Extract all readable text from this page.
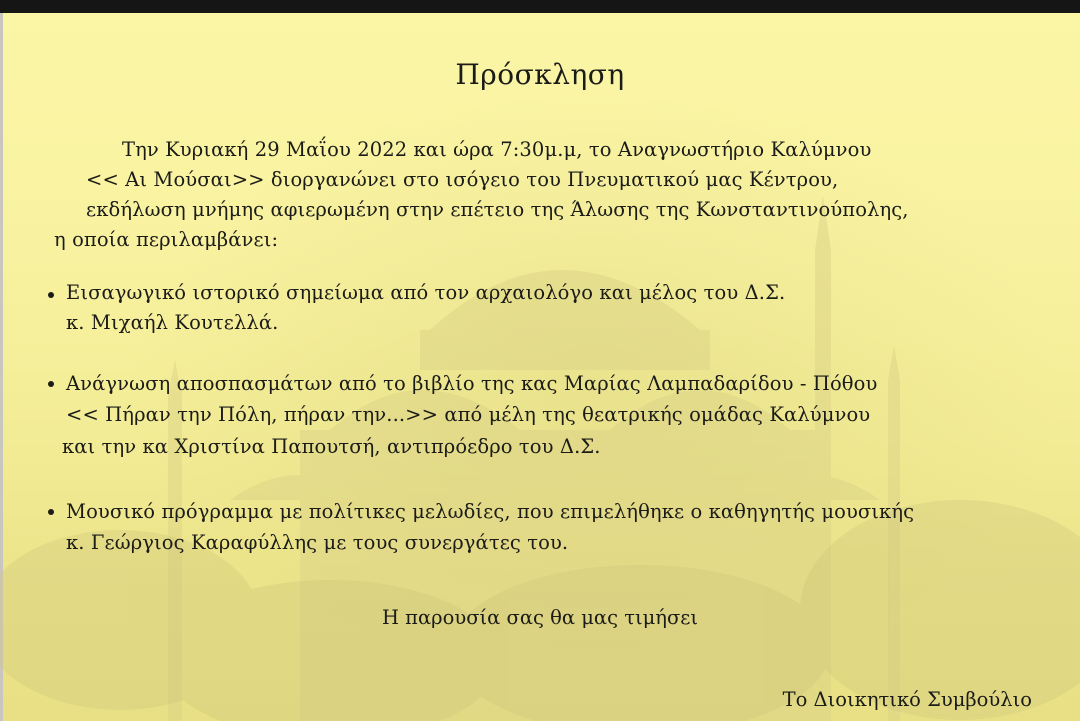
Πρόσκληση
Την Κυριακή 29 Μαΐου 2022 και ώρα 7:30μ.μ, το Αναγνωστήριο Καλύμνου
<< Αι Μούσαι>> διοργανώνει στο ισόγειο του Πνευματικού μας Κέντρου,
εκδήλωση μνήμης αφιερωμένη στην επέτειο της Άλωσης της Κωνσταντινούπολης,
η οποία περιλαμβάνει:
Εισαγωγικό ιστορικό σημείωμα από τον αρχαιολόγο και μέλος του Δ.Σ.
κ. Μιχαήλ Κουτελλά.
Ανάγνωση αποσπασμάτων από το βιβλίο της κας Μαρίας Λαμπαδαρίδου - Πόθου
<< Πήραν την Πόλη, πήραν την...>> από μέλη της θεατρικής ομάδας Καλύμνου
και την κα Χριστίνα Παπουτσή, αντιπρόεδρο του Δ.Σ.
Μουσικό πρόγραμμα με πολίτικες μελωδίες, που επιμελήθηκε ο καθηγητής μουσικής
κ. Γεώργιος Καραφύλλης με τους συνεργάτες του.
Η παρουσία σας θα μας τιμήσει
Το Διοικητικό Συμβούλιο
